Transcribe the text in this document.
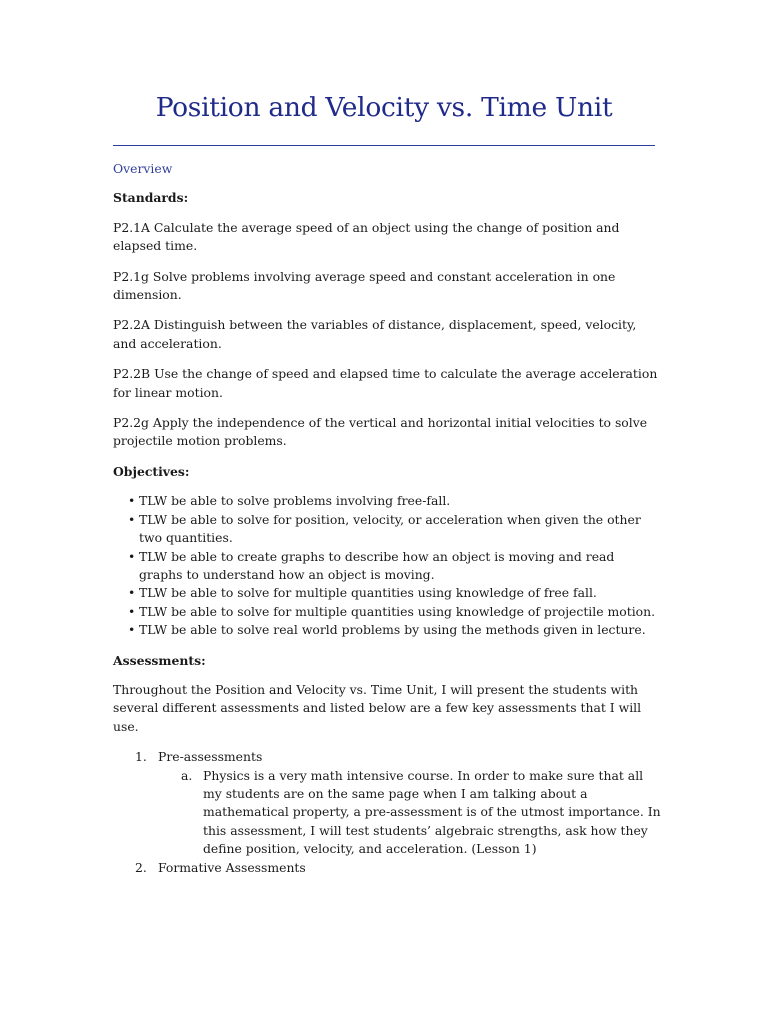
Position and Velocity vs. Time Unit
Overview
Standards:
P2.1A Calculate the average speed of an object using the change of position and elapsed time.
P2.1g Solve problems involving average speed and constant acceleration in one dimension.
P2.2A Distinguish between the variables of distance, displacement, speed, velocity, and acceleration.
P2.2B Use the change of speed and elapsed time to calculate the average acceleration for linear motion.
P2.2g Apply the independence of the vertical and horizontal initial velocities to solve projectile motion problems.
Objectives:
• TLW be able to solve problems involving free-fall.
• TLW be able to solve for position, velocity, or acceleration when given the other two quantities.
• TLW be able to create graphs to describe how an object is moving and read graphs to understand how an object is moving.
• TLW be able to solve for multiple quantities using knowledge of free fall.
• TLW be able to solve for multiple quantities using knowledge of projectile motion.
• TLW be able to solve real world problems by using the methods given in lecture.
Assessments:
Throughout the Position and Velocity vs. Time Unit, I will present the students with several different assessments and listed below are a few key assessments that I will use.
1. Pre-assessments
a. Physics is a very math intensive course. In order to make sure that all my students are on the same page when I am talking about a mathematical property, a pre-assessment is of the utmost importance. In this assessment, I will test students’ algebraic strengths, ask how they define position, velocity, and acceleration. (Lesson 1)
2. Formative Assessments
